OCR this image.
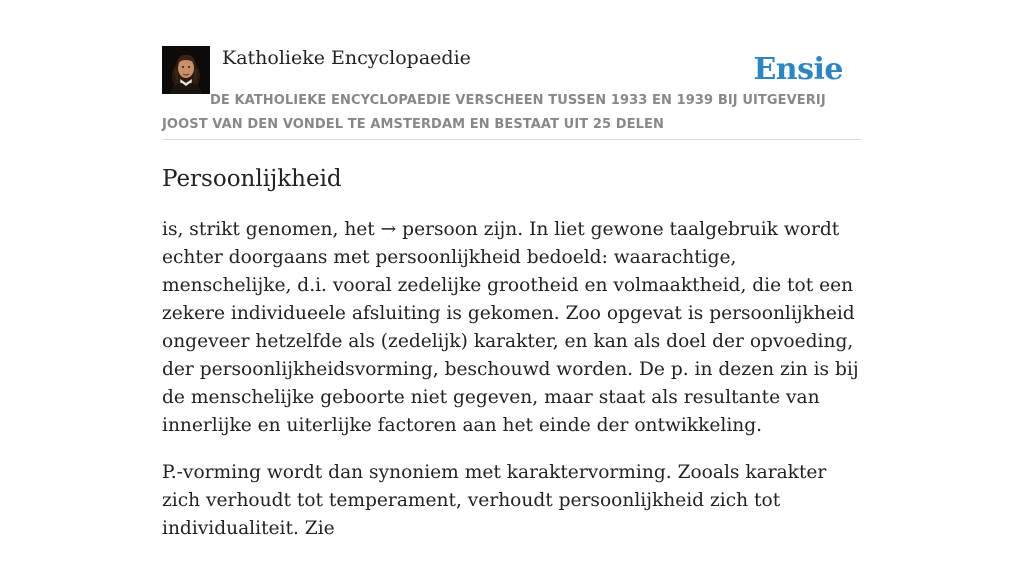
Katholieke Encyclopaedie	Ensie
DE KATHOLIEKE ENCYCLOPAEDIE VERSCHEEN TUSSEN 1933 EN 1939 BIJ UITGEVERIJ JOOST VAN DEN VONDEL TE AMSTERDAM EN BESTAAT UIT 25 DELEN
Persoonlijkheid

is, strikt genomen, het → persoon zijn. In liet gewone taalgebruik wordt echter doorgaans met persoonlijkheid bedoeld: waarachtige, menschelijke, d.i. vooral zedelijke grootheid en volmaaktheid, die tot een zekere individueele afsluiting is gekomen. Zoo opgevat is persoonlijkheid ongeveer hetzelfde als (zedelijk) karakter, en kan als doel der opvoeding, der persoonlijkheidsvorming, beschouwd worden. De p. in dezen zin is bij de menschelijke geboorte niet gegeven, maar staat als resultante van innerlijke en uiterlijke factoren aan het einde der ontwikkeling.

P.-vorming wordt dan synoniem met karaktervorming. Zooals karakter zich verhoudt tot temperament, verhoudt persoonlijkheid zich tot individualiteit. Zie
